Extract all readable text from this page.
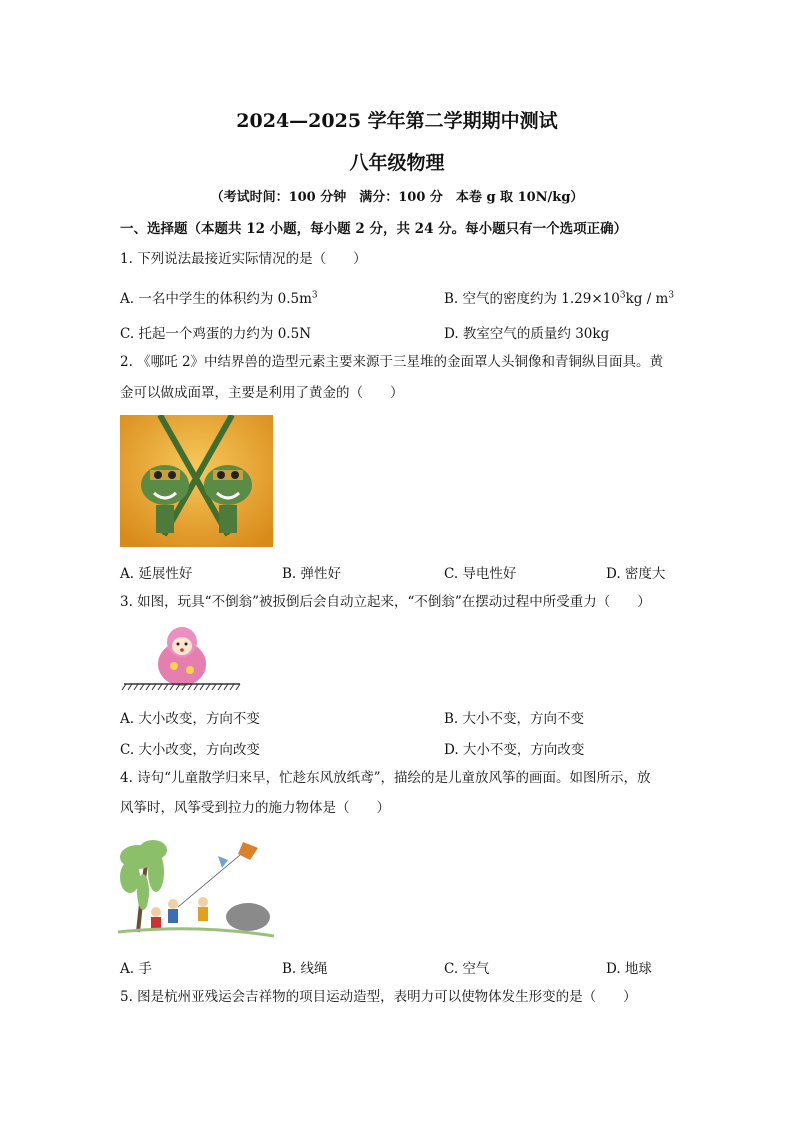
2024—2025 学年第二学期期中测试
八年级物理
（考试时间：100 分钟　满分：100 分　本卷 g 取 10N/kg）
一、选择题（本题共 12 小题，每小题 2 分，共 24 分。每小题只有一个选项正确）
1. 下列说法最接近实际情况的是（　　）
A. 一名中学生的体积约为 $0.5m^3$	B. 空气的密度约为 $1.29\times 10^3kg / m^3$
C. 托起一个鸡蛋的力约为 0.5N	D. 教室空气的质量约 30kg
2. 《哪吒 2》中结界兽的造型元素主要来源于三星堆的金面罩人头铜像和青铜纵目面具。黄
金可以做成面罩，主要是利用了黄金的（　　）
A. 延展性好	B. 弹性好	C. 导电性好	D. 密度大
3. 如图，玩具“不倒翁”被扳倒后会自动立起来，“不倒翁”在摆动过程中所受重力（　　）
A. 大小改变，方向不变	B. 大小不变，方向不变
C. 大小改变，方向改变	D. 大小不变，方向改变
4. 诗句“儿童散学归来早，忙趁东风放纸鸢”，描绘的是儿童放风筝的画面。如图所示，放
风筝时，风筝受到拉力的施力物体是（　　）
A. 手	B. 线绳	C. 空气	D. 地球
5. 图是杭州亚残运会吉祥物的项目运动造型，表明力可以使物体发生形变的是（　　）
